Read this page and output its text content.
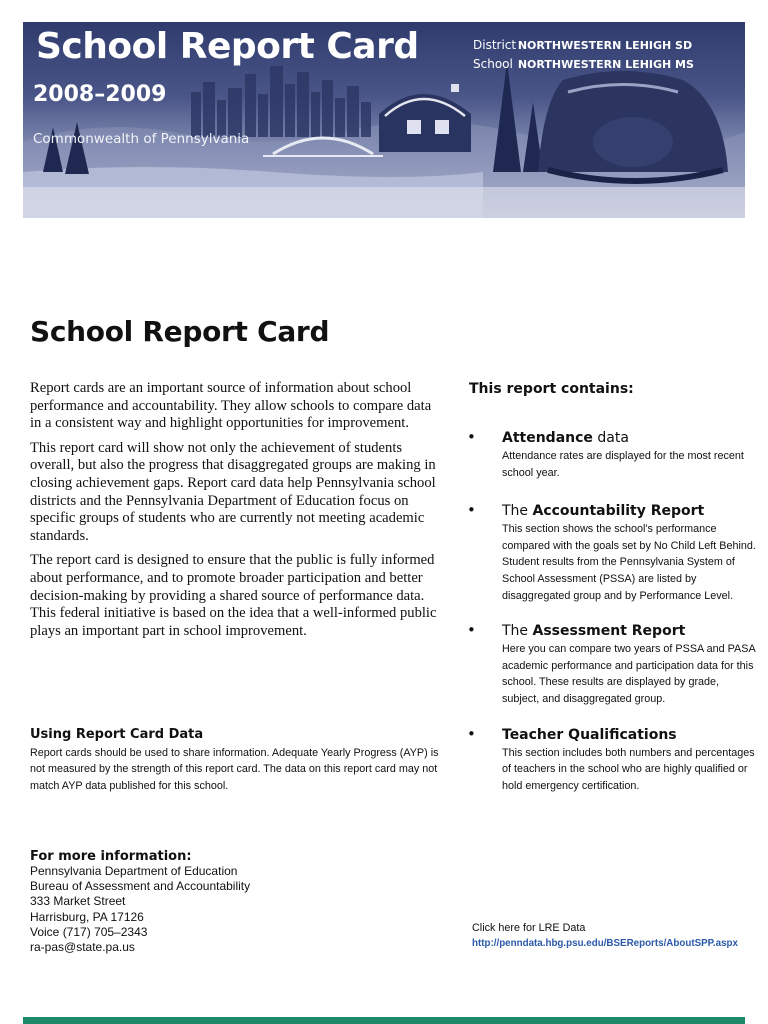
School Report Card
2008–2009
Commonwealth of Pennsylvania
District NORTHWESTERN LEHIGH SD
School NORTHWESTERN LEHIGH MS
School Report Card

Report cards are an important source of information about school performance and accountability. They allow schools to compare data in a consistent way and highlight opportunities for improvement.

This report card will show not only the achievement of students overall, but also the progress that disaggregated groups are making in closing achievement gaps. Report card data help Pennsylvania school districts and the Pennsylvania Department of Education focus on specific groups of students who are currently not meeting academic standards.

The report card is designed to ensure that the public is fully informed about performance, and to promote broader participation and better decision-making by providing a shared source of performance data. This federal initiative is based on the idea that a well-informed public plays an important part in school improvement.

Using Report Card Data

Report cards should be used to share information. Adequate Yearly Progress (AYP) is not measured by the strength of this report card. The data on this report card may not match AYP data published for this school.

For more information:
Pennsylvania Department of Education
Bureau of Assessment and Accountability
333 Market Street
Harrisburg, PA 17126
Voice (717) 705–2343
ra-pas@state.pa.us
This report contains:
• Attendance data
Attendance rates are displayed for the most recent school year.
• The Accountability Report
This section shows the school's performance compared with the goals set by No Child Left Behind. Student results from the Pennsylvania System of School Assessment (PSSA) are listed by disaggregated group and by Performance Level.
• The Assessment Report
Here you can compare two years of PSSA and PASA academic performance and participation data for this school. These results are displayed by grade, subject, and disaggregated group.
• Teacher Qualifications
This section includes both numbers and percentages of teachers in the school who are highly qualified or hold emergency certification.
Click here for LRE Data
http://penndata.hbg.psu.edu/BSEReports/AboutSPP.aspx
